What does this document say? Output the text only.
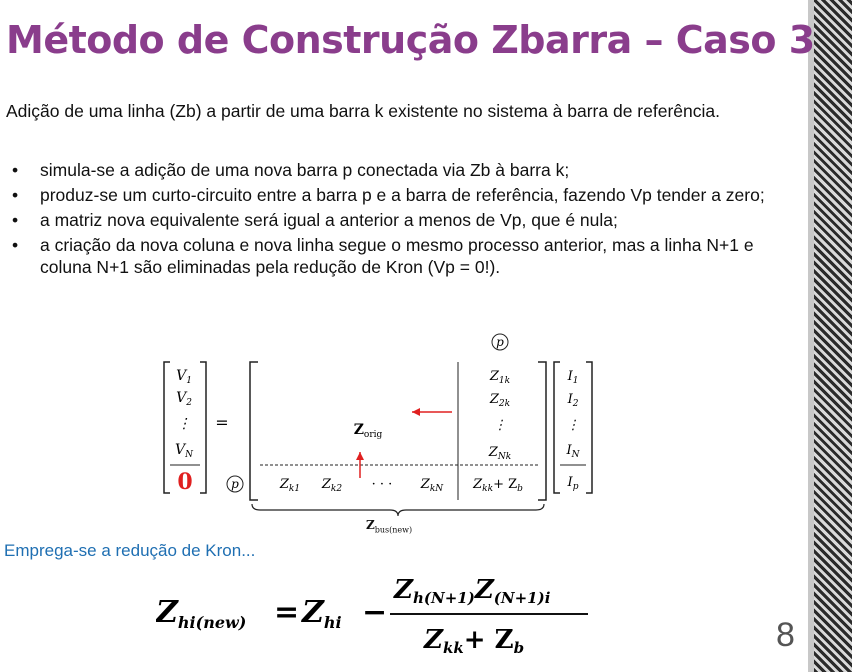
Método de Construção Zbarra – Caso 3
Adição de uma linha (Zb) a partir de uma barra k existente no sistema à barra de referência.
• simula-se a adição de uma nova barra p conectada via Zb à barra k;
• produz-se um curto-circuito entre a barra p e a barra de referência, fazendo Vp tender a zero;
• a matriz nova equivalente será igual a anterior a menos de Vp, que é nula;
• a criação da nova coluna e nova linha segue o mesmo processo anterior, mas a linha N+1 e coluna N+1 são eliminadas pela redução de Kron (Vp = 0!).
p
$V_1$
$V_2$
⋮
$V_N$
0
=
p
$Z_{orig}$
$Z_{1k}$
$Z_{2k}$
⋮
$Z_{Nk}$
$Z_{k1}$ $Z_{k2}$ · · · $Z_{kN}$ $Z_{kk}+ Z_b$
$I_1$
$I_2$
⋮
$I_N$
$I_p$
$Z_{bus(new)}$
Emprega-se a redução de Kron...
$Z_{hi(new)} = Z_{hi}$ −
Zh(N+1)Z(N+1)i
Zkk+ Zb	8
